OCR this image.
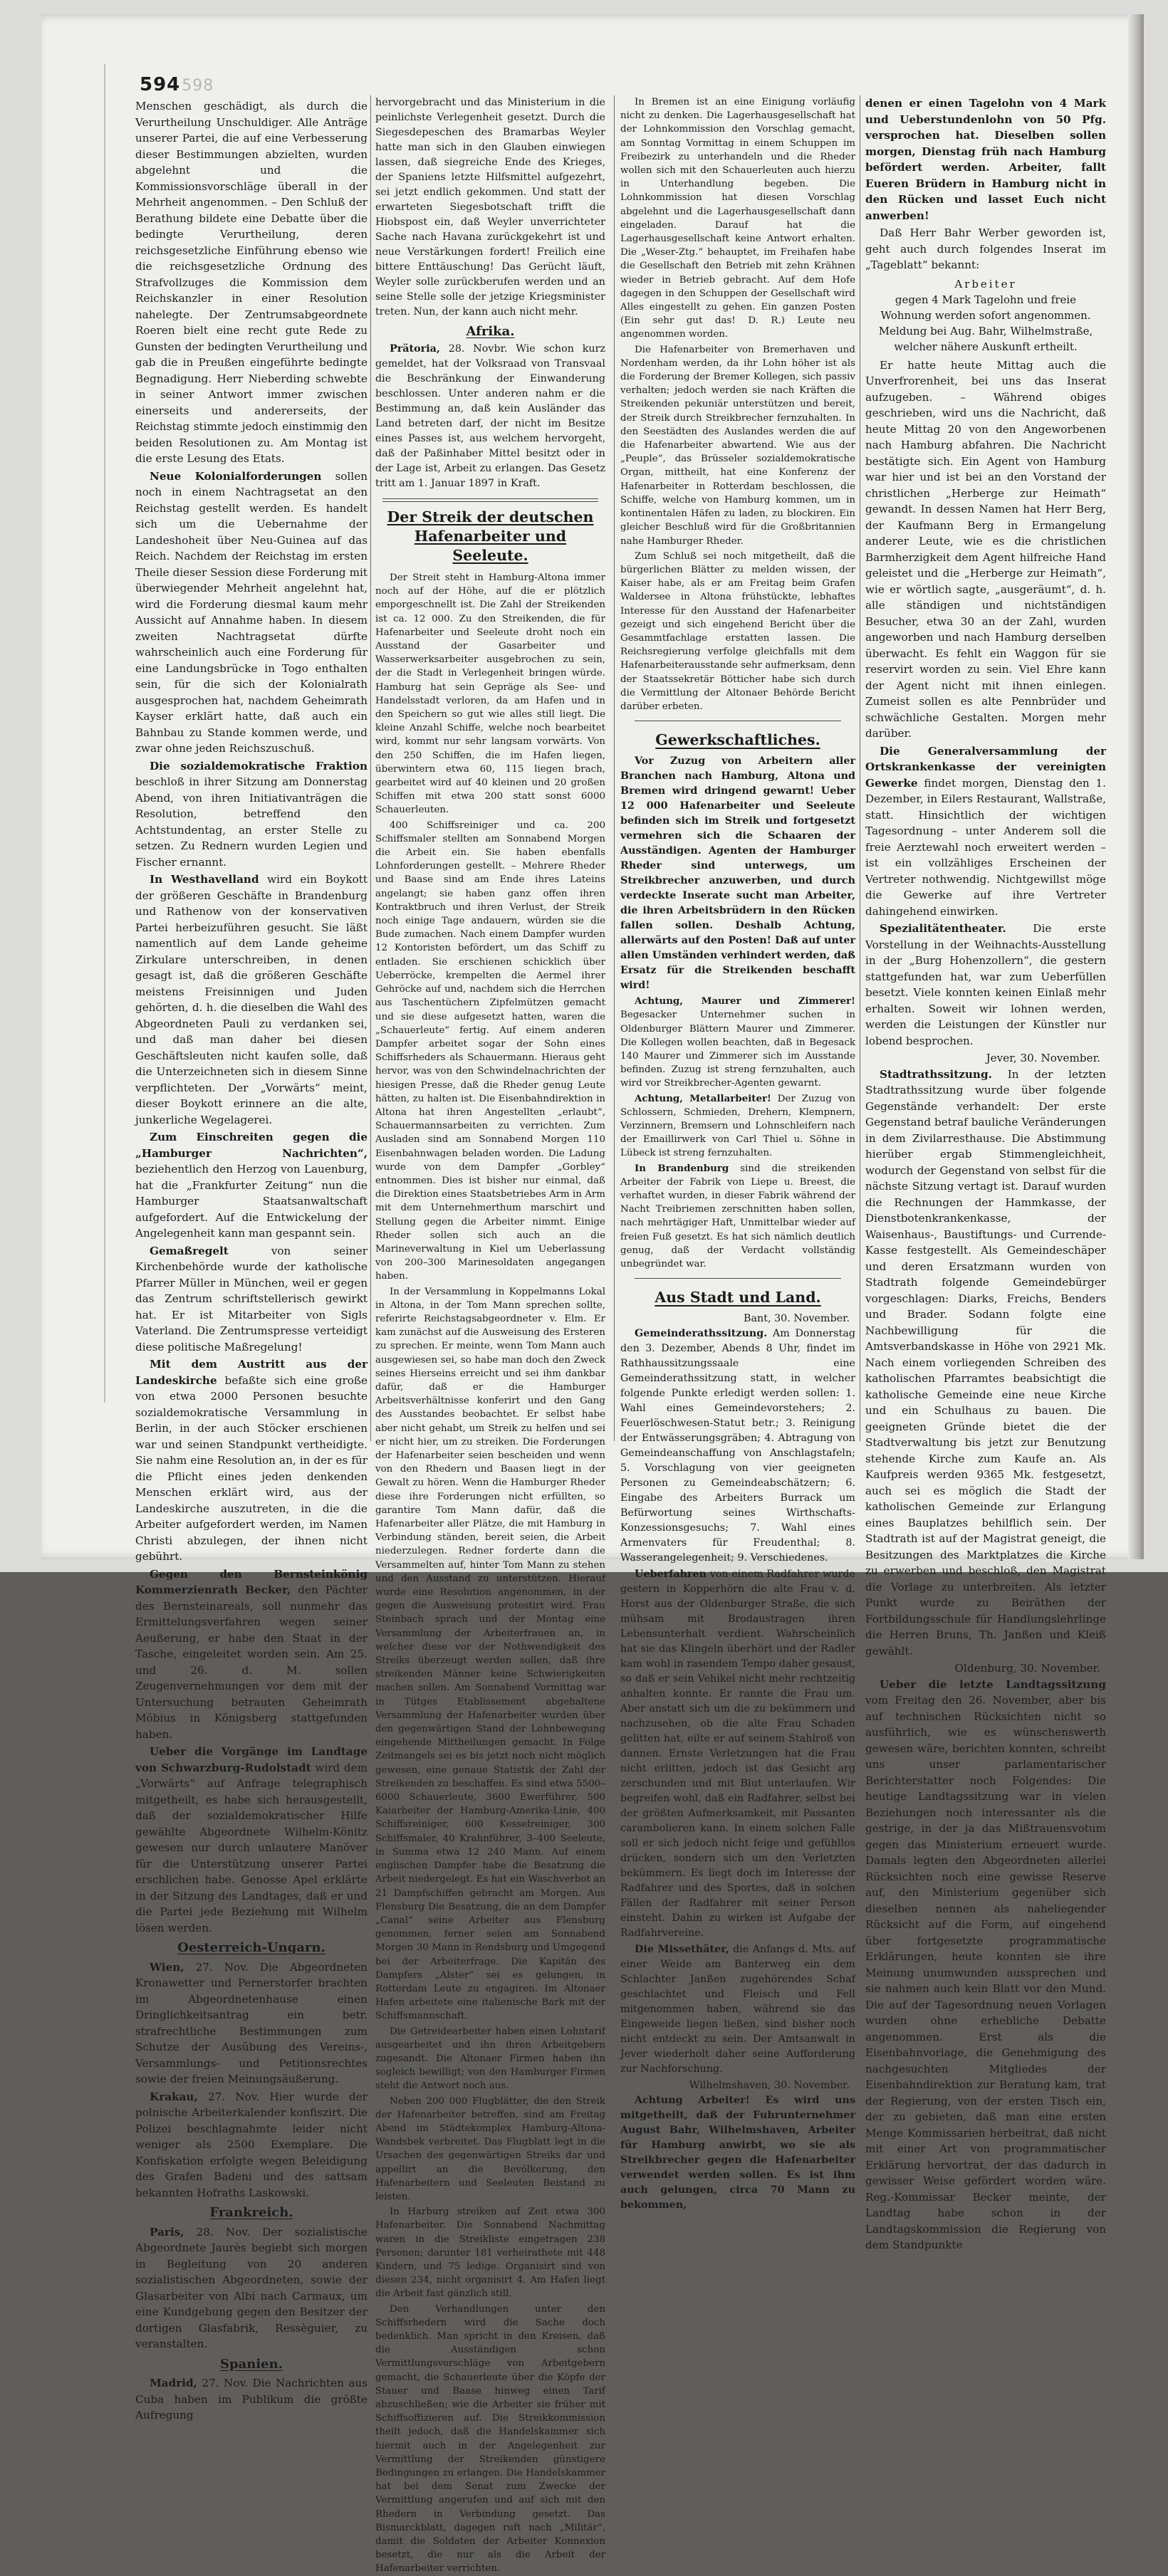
594598

Menschen geschädigt, als durch die Verurtheilung Unschuldiger. Alle Anträge unserer Partei, die auf eine Verbesserung dieser Bestimmungen abzielten, wurden abgelehnt und die Kommissionsvorschläge überall in der Mehrheit angenommen. – Den Schluß der Berathung bildete eine Debatte über die bedingte Verurtheilung, deren reichsgesetzliche Einführung ebenso wie die reichsgesetzliche Ordnung des Strafvollzuges die Kommission dem Reichskanzler in einer Resolution nahelegte. Der Zentrumsabgeordnete Roeren bielt eine recht gute Rede zu Gunsten der bedingten Verurtheilung und gab die in Preußen eingeführte bedingte Begnadigung. Herr Nieberding schwebte in seiner Antwort immer zwischen einerseits und andererseits, der Reichstag stimmte jedoch einstimmig den beiden Resolutionen zu. Am Montag ist die erste Lesung des Etats.

Neue Kolonialforderungen sollen noch in einem Nachtragsetat an den Reichstag gestellt werden. Es handelt sich um die Uebernahme der Landeshoheit über Neu-Guinea auf das Reich. Nachdem der Reichstag im ersten Theile dieser Session diese Forderung mit überwiegender Mehrheit angelehnt hat, wird die Forderung diesmal kaum mehr Aussicht auf Annahme haben. In diesem zweiten Nachtragsetat dürfte wahrscheinlich auch eine Forderung für eine Landungsbrücke in Togo enthalten sein, für die sich der Kolonialrath ausgesprochen hat, nachdem Geheimrath Kayser erklärt hatte, daß auch ein Bahnbau zu Stande kommen werde, und zwar ohne jeden Reichszuschuß.

Die sozialdemokratische Fraktion beschloß in ihrer Sitzung am Donnerstag Abend, von ihren Initiativanträgen die Resolution, betreffend den Achtstundentag, an erster Stelle zu setzen. Zu Rednern wurden Legien und Fischer ernannt.

In Westhavelland wird ein Boykott der größeren Geschäfte in Brandenburg und Rathenow von der konservativen Partei herbeizuführen gesucht. Sie läßt namentlich auf dem Lande geheime Zirkulare unterschreiben, in denen gesagt ist, daß die größeren Geschäfte meistens Freisinnigen und Juden gehörten, d. h. die dieselben die Wahl des Abgeordneten Pauli zu verdanken sei, und daß man daher bei diesen Geschäftsleuten nicht kaufen solle, daß die Unterzeichneten sich in diesem Sinne verpflichteten. Der „Vorwärts“ meint, dieser Boykott erinnere an die alte, junkerliche Wegelagerei.

Zum Einschreiten gegen die „Hamburger Nachrichten“, beziehentlich den Herzog von Lauenburg, hat die „Frankfurter Zeitung“ nun die Hamburger Staatsanwaltschaft aufgefordert. Auf die Entwickelung der Angelegenheit kann man gespannt sein.

Gemaßregelt von seiner Kirchenbehörde wurde der katholische Pfarrer Müller in München, weil er gegen das Zentrum schriftstellerisch gewirkt hat. Er ist Mitarbeiter von Sigls Vaterland. Die Zentrumspresse verteidigt diese politische Maßregelung!

Mit dem Austritt aus der Landeskirche befaßte sich eine große von etwa 2000 Personen besuchte sozialdemokratische Versammlung in Berlin, in der auch Stöcker erschienen war und seinen Standpunkt vertheidigte. Sie nahm eine Resolution an, in der es für die Pflicht eines jeden denkenden Menschen erklärt wird, aus der Landeskirche auszutreten, in die die Arbeiter aufgefordert werden, im Namen Christi abzulegen, der ihnen nicht gebührt.

Gegen den Bernsteinkönig Kommerzienrath Becker, den Pächter des Bernsteinareals, soll nunmehr das Ermittelungsverfahren wegen seiner Aeußerung, er habe den Staat in der Tasche, eingeleitet worden sein. Am 25. und 26. d. M. sollen Zeugenvernehmungen vor dem mit der Untersuchung betrauten Geheimrath Möbius in Königsberg stattgefunden haben.

Ueber die Vorgänge im Landtage von Schwarzburg-Rudolstadt wird dem „Vorwärts“ auf Anfrage telegraphisch mitgetheilt, es habe sich herausgestellt, daß der sozialdemokratischer Hilfe gewählte Abgeordnete Wilhelm-Könitz gewesen nur durch unlautere Manöver für die Unterstützung unserer Partei erschlichen habe. Genosse Apel erklärte in der Sitzung des Landtages, daß er und die Partei jede Beziehung mit Wilhelm lösen werden.

Oesterreich-Ungarn.

Wien, 27. Nov. Die Abgeordneten Kronawetter und Pernerstorfer brachten im Abgeordnetenhause einen Dringlichkeitsantrag ein betr. strafrechtliche Bestimmungen zum Schutze der Ausübung des Vereins-, Versammlungs- und Petitionsrechtes sowie der freien Meinungsäußerung.

Krakau, 27. Nov. Hier wurde der polnische Arbeiterkalender konfiszirt. Die Polizei beschlagnahmte leider nicht weniger als 2500 Exemplare. Die Konfiskation erfolgte wegen Beleidigung des Grafen Badeni und des sattsam bekannten Hofraths Laskowski.

Frankreich.

Paris, 28. Nov. Der sozialistische Abgeordnete Jaurès begiebt sich morgen in Begleitung von 20 anderen sozialistischen Abgeordneten, sowie der Glasarbeiter von Albi nach Carmaux, um eine Kundgebung gegen den Besitzer der dortigen Glasfabrik, Ressèguier, zu veranstalten.

Spanien.

Madrid, 27. Nov. Die Nachrichten aus Cuba haben im Publikum die größte Aufregung

hervorgebracht und das Ministerium in die peinlichste Verlegenheit gesetzt. Durch die Siegesdepeschen des Bramarbas Weyler hatte man sich in den Glauben einwiegen lassen, daß siegreiche Ende des Krieges, der Spaniens letzte Hilfsmittel aufgezehrt, sei jetzt endlich gekommen. Und statt der erwarteten Siegesbotschaft trifft die Hiobspost ein, daß Weyler unverrichteter Sache nach Havana zurückgekehrt ist und neue Verstärkungen fordert! Freilich eine bittere Enttäuschung! Das Gerücht läuft, Weyler solle zurückberufen werden und an seine Stelle solle der jetzige Kriegsminister treten. Nun, der kann auch nicht mehr.

Afrika.

Prätoria, 28. Novbr. Wie schon kurz gemeldet, hat der Volksraad von Transvaal die Beschränkung der Einwanderung beschlossen. Unter anderen nahm er die Bestimmung an, daß kein Ausländer das Land betreten darf, der nicht im Besitze eines Passes ist, aus welchem hervorgeht, daß der Paßinhaber Mittel besitzt oder in der Lage ist, Arbeit zu erlangen. Das Gesetz tritt am 1. Januar 1897 in Kraft.

Der Streik der deutschen Hafenarbeiter und Seeleute.

Der Streit steht in Hamburg-Altona immer noch auf der Höhe, auf die er plötzlich emporgeschnellt ist. Die Zahl der Streikenden ist ca. 12 000. Zu den Streikenden, die für Hafenarbeiter und Seeleute droht noch ein Ausstand der Gasarbeiter und Wasserwerksarbeiter ausgebrochen zu sein, der die Stadt in Verlegenheit bringen würde. Hamburg hat sein Gepräge als See- und Handelsstadt verloren, da am Hafen und in den Speichern so gut wie alles still liegt. Die kleine Anzahl Schiffe, welche noch bearbeitet wird, kommt nur sehr langsam vorwärts. Von den 250 Schiffen, die im Hafen liegen, überwintern etwa 60, 115 liegen brach, gearbeitet wird auf 40 kleinen und 20 großen Schiffen mit etwa 200 statt sonst 6000 Schauerleuten.

400 Schiffsreiniger und ca. 200 Schiffsmaler stellten am Sonnabend Morgen die Arbeit ein. Sie haben ebenfalls Lohnforderungen gestellt. – Mehrere Rheder und Baase sind am Ende ihres Lateins angelangt; sie haben ganz offen ihren Kontraktbruch und ihren Verlust, der Streik noch einige Tage andauern, würden sie die Bude zumachen. Nach einem Dampfer wurden 12 Kontoristen befördert, um das Schiff zu entladen. Sie erschienen schicklich über Ueberröcke, krempelten die Aermel ihrer Gehröcke auf und, nachdem sich die Herrchen aus Taschentüchern Zipfelmützen gemacht und sie diese aufgesetzt hatten, waren die „Schauerleute“ fertig. Auf einem anderen Dampfer arbeitet sogar der Sohn eines Schiffsrheders als Schauermann. Hieraus geht hervor, was von den Schwindelnachrichten der hiesigen Presse, daß die Rheder genug Leute hätten, zu halten ist. Die Eisenbahndirektion in Altona hat ihren Angestellten „erlaubt“, Schauermannsarbeiten zu verrichten. Zum Ausladen sind am Sonnabend Morgen 110 Eisenbahnwagen beladen worden. Die Ladung wurde von dem Dampfer „Gorbley“ entnommen. Dies ist bisher nur einmal, daß die Direktion eines Staatsbetriebes Arm in Arm mit dem Unternehmerthum marschirt und Stellung gegen die Arbeiter nimmt. Einige Rheder sollen sich auch an die Marineverwaltung in Kiel um Ueberlassung von 200–300 Marinesoldaten angegangen haben.

In der Versammlung in Koppelmanns Lokal in Altona, in der Tom Mann sprechen sollte, referirte Reichstagsabgeordneter v. Elm. Er kam zunächst auf die Ausweisung des Ersteren zu sprechen. Er meinte, wenn Tom Mann auch ausgewiesen sei, so habe man doch den Zweck seines Hierseins erreicht und sei ihm dankbar dafür, daß er die Hamburger Arbeitsverhältnisse konferirt und den Gang des Ausstandes beobachtet. Er selbst habe aber nicht gehabt, um Streik zu helfen und sei er nicht hier, um zu streiken. Die Forderungen der Hafenarbeiter seien bescheiden und wenn von den Rhedern und Baasen liegt in der Gewalt zu hören. Wenn die Hamburger Rheder diese ihre Forderungen nicht erfüllten, so garantire Tom Mann dafür, daß die Hafenarbeiter aller Plätze, die mit Hamburg in Verbindung ständen, bereit seien, die Arbeit niederzulegen. Redner forderte dann die Versammelten auf, hinter Tom Mann zu stehen und den Ausstand zu unterstützen. Hierauf wurde eine Resolution angenommen, in der gegen die Ausweisung protestirt wird. Frau Steinbach sprach und der Montag eine Versammlung der Arbeiterfrauen an, in welcher diese vor der Nothwendigkeit des Streiks überzeugt werden sollen, daß ihre streikenden Männer keine Schwierigkeiten machen sollen. Am Sonnabend Vormittag war in Tütges Etablissement abgehaltene Versammlung der Hafenarbeiter wurden über den gegenwärtigen Stand der Lohnbewegung eingehende Mittheilungen gemacht. In Folge Zeitmangels sei es bis jetzt noch nicht möglich gewesen, eine genaue Statistik der Zahl der Streikenden zu beschaffen. Es sind etwa 5500–6000 Schauerleute, 3600 Ewerführer, 500 Kaiarbeiter der Hamburg-Amerika-Linie, 400 Schiffsreiniger, 600 Kesselreiniger, 300 Schiffsmaler, 40 Krahnführer, 3–400 Seeleute, in Summa etwa 12 240 Mann. Auf einem englischen Dampfer habe die Besatzung die Arbeit niedergelegt. Es hat ein Waschverbot an 21 Dampfschiffen gebracht am Morgen. Aus Flensburg Die Besatzung, die an dem Dampfer „Canal“ seine Arbeiter aus Flensburg genommen, ferner seien am Sonnabend Morgen 30 Mann in Rendsburg und Umgegend bei der Arbeiterfrage. Die Kapitän des Dampfers „Alster“ sei es gelungen, in Rotterdam Leute zu engagiren. Im Altonaer Hafen arbeitete eine italienische Bark mit der Schiffsmannschaft.

Die Getreidearbeiter haben einen Lohntarif ausgearbeitet und ihn ihren Arbeitgebern zugesandt. Die Altonaer Firmen haben ihn sogleich bewilligt; von den Hamburger Firmen steht die Antwort noch aus.

Neben 200 000 Flugblätter, die den Streik der Hafenarbeiter betreffen, sind am Freitag Abend im Städtekomplex Hamburg-Altona-Wandsbek verbreitet. Das Flugblatt legt in die Ursachen des gegenwärtigen Streiks dar und appellirt an die Bevölkerung, den Hafenarbeitern und Seeleuten Beistand zu leisten.

In Harburg streiken auf Zeit etwa 300 Hafenarbeiter. Die Sonnabend Nachmittag waren in die Streikliste eingetragen 238 Personen; darunter 181 verheirathete mit 448 Kindern, und 75 ledige. Organisirt sind von diesen 234, nicht organisirt 4. Am Hafen liegt die Arbeit fast gänzlich still.

Den Verhandlungen unter den Schiffsrhedern wird die Sache doch bedenklich. Man spricht in den Kreisen, daß die Ausständigen schon Vermittlungsvorschläge von Arbeitgebern gemacht, die Schauerleute über die Köpfe der Stauer und Baase hinweg einen Tarif abzuschließen; wie die Arbeiter sie früher mit Schiffsoffizieren auf. Die Streikkommission theilt jedoch, daß die Handelskammer sich hiermit auch in der Angelegenheit zur Vermittlung der Streikenden günstigere Bedingungen zu erlangen. Die Handelskammer hat bei dem Senat zum Zwecke der Vermittlung angerufen und auf sich mit den Rhedern in Verbindung gesetzt. Das Bismarckblatt, dagegen ruft nach „Militär“, damit die Soldaten der Arbeiter Konnexion besetzt, die nur als die Arbeit der Hafenarbeiter verrichten.

In Bremen ist an eine Einigung vorläufig nicht zu denken. Die Lagerhausgesellschaft hat der Lohnkommission den Vorschlag gemacht, am Sonntag Vormittag in einem Schuppen im Freibezirk zu unterhandeln und die Rheder wollen sich mit den Schauerleuten auch hierzu in Unterhandlung begeben. Die Lohnkommission hat diesen Vorschlag abgelehnt und die Lagerhausgesellschaft dann eingeladen. Darauf hat die Lagerhausgesellschaft keine Antwort erhalten. Die „Weser-Ztg.“ behauptet, im Freihafen habe die Gesellschaft den Betrieb mit zehn Krähnen wieder in Betrieb gebracht. Auf dem Hofe dagegen in den Schuppen der Gesellschaft wird Alles eingestellt zu gehen. Ein ganzen Posten (Ein sehr gut das! D. R.) Leute neu angenommen worden.

Die Hafenarbeiter von Bremerhaven und Nordenham werden, da ihr Lohn höher ist als die Forderung der Bremer Kollegen, sich passiv verhalten; jedoch werden sie nach Kräften die Streikenden pekuniär unterstützen und bereit, der Streik durch Streikbrecher fernzuhalten. In den Seestädten des Auslandes werden die auf die Hafenarbeiter abwartend. Wie aus der „Peuple“, das Brüsseler sozialdemokratische Organ, mittheilt, hat eine Konferenz der Hafenarbeiter in Rotterdam beschlossen, die Schiffe, welche von Hamburg kommen, um in kontinentalen Häfen zu laden, zu blockiren. Ein gleicher Beschluß wird für die Großbritannien nahe Hamburger Rheder.

Zum Schluß sei noch mitgetheilt, daß die bürgerlichen Blätter zu melden wissen, der Kaiser habe, als er am Freitag beim Grafen Waldersee in Altona frühstückte, lebhaftes Interesse für den Ausstand der Hafenarbeiter gezeigt und sich eingehend Bericht über die Gesammtfachlage erstatten lassen. Die Reichsregierung verfolge gleichfalls mit dem Hafenarbeiterausstande sehr aufmerksam, denn der Staatssekretär Bötticher habe sich durch die Vermittlung der Altonaer Behörde Bericht darüber erbeten.

Gewerkschaftliches.

Vor Zuzug von Arbeitern aller Branchen nach Hamburg, Altona und Bremen wird dringend gewarnt! Ueber 12 000 Hafenarbeiter und Seeleute befinden sich im Streik und fortgesetzt vermehren sich die Schaaren der Ausständigen. Agenten der Hamburger Rheder sind unterwegs, um Streikbrecher anzuwerben, und durch verdeckte Inserate sucht man Arbeiter, die ihren Arbeitsbrüdern in den Rücken fallen sollen. Deshalb Achtung, allerwärts auf den Posten! Daß auf unter allen Umständen verhindert werden, daß Ersatz für die Streikenden beschafft wird!

Achtung, Maurer und Zimmerer! Begesacker Unternehmer suchen in Oldenburger Blättern Maurer und Zimmerer. Die Kollegen wollen beachten, daß in Begesack 140 Maurer und Zimmerer sich im Ausstande befinden. Zuzug ist streng fernzuhalten, auch wird vor Streikbrecher-Agenten gewarnt.

Achtung, Metallarbeiter! Der Zuzug von Schlossern, Schmieden, Drehern, Klempnern, Verzinnern, Bremsern und Lohnschleifern nach der Emaillirwerk von Carl Thiel u. Söhne in Lübeck ist streng fernzuhalten.

In Brandenburg sind die streikenden Arbeiter der Fabrik von Liepe u. Breest, die verhaftet wurden, in dieser Fabrik während der Nacht Treibriemen zerschnitten haben sollen, nach mehrtägiger Haft, Unmittelbar wieder auf freien Fuß gesetzt. Es hat sich nämlich deutlich genug, daß der Verdacht vollständig unbegründet war.

Aus Stadt und Land.
Bant, 30. November.

Gemeinderathssitzung. Am Donnerstag den 3. Dezember, Abends 8 Uhr, findet im Rathhaussitzungssaale eine Gemeinderathssitzung statt, in welcher folgende Punkte erledigt werden sollen: 1. Wahl eines Gemeindevorstehers; 2. Feuerlöschwesen-Statut betr.; 3. Reinigung der Entwässerungsgräben; 4. Abtragung von Gemeindeanschaffung von Anschlagstafeln; 5. Vorschlagung von vier geeigneten Personen zu Gemeindeabschätzern; 6. Eingabe des Arbeiters Burrack um Befürwortung seines Wirthschafts-Konzessionsgesuchs; 7. Wahl eines Armenvaters für Freudenthal; 8. Wasserangelegenheit; 9. Verschiedenes.

Ueberfahren von einem Radfahrer wurde gestern in Kopperhörn die alte Frau v. d. Horst aus der Oldenburger Straße, die sich mühsam mit Brodaustragen ihren Lebensunterhalt verdient. Wahrscheinlich hat sie das Klingeln überhört und der Radler kam wohl in rasendem Tempo daher gesaust, so daß er sein Vehikel nicht mehr rechtzeitig anhalten konnte. Er rannte die Frau um. Aber anstatt sich um die zu bekümmern und nachzusehen, ob die alte Frau Schaden gelitten hat, eilte er auf seinem Stahlroß von dannen. Ernste Verletzungen hat die Frau nicht erlitten, jedoch ist das Gesicht arg zerschunden und mit Blut unterlaufen. Wir begreifen wohl, daß ein Radfahrer, selbst bei der größten Aufmerksamkeit, mit Passanten carambolieren kann. In einem solchen Falle soll er sich jedoch nicht feige und gefühllos drücken, sondern sich um den Verletzten bekümmern. Es liegt doch im Interesse der Radfahrer und des Sportes, daß in solchen Fällen der Radfahrer mit seiner Person einsteht. Dahin zu wirken ist Aufgabe der Radfahrvereine.

Die Missethäter, die Anfangs d. Mts. auf einer Weide am Banterweg ein dem Schlachter Janßen zugehörendes Schaf geschlachtet und Fleisch und Fell mitgenommen haben, während sie das Eingeweide liegen ließen, sind bisher noch nicht entdeckt zu sein. Der Amtsanwalt in Jever wiederholt daher seine Aufforderung zur Nachforschung.

Wilhelmshaven, 30. November.

Achtung Arbeiter! Es wird uns mitgetheilt, daß der Fuhrunternehmer August Bahr, Wilhelmshaven, Arbeiter für Hamburg anwirbt, wo sie als Streikbrecher gegen die Hafenarbeiter verwendet werden sollen. Es ist ihm auch gelungen, circa 70 Mann zu bekommen,

denen er einen Tagelohn von 4 Mark und Ueberstundenlohn von 50 Pfg. versprochen hat. Dieselben sollen morgen, Dienstag früh nach Hamburg befördert werden. Arbeiter, fallt Eueren Brüdern in Hamburg nicht in den Rücken und lasset Euch nicht anwerben!

Daß Herr Bahr Werber geworden ist, geht auch durch folgendes Inserat im „Tageblatt“ bekannt:

Arbeiter
gegen 4 Mark Tagelohn und freie Wohnung werden sofort angenommen. Meldung bei Aug. Bahr, Wilhelmstraße, welcher nähere Auskunft ertheilt.

Er hatte heute Mittag auch die Unverfrorenheit, bei uns das Inserat aufzugeben. – Während obiges geschrieben, wird uns die Nachricht, daß heute Mittag 20 von den Angeworbenen nach Hamburg abfahren. Die Nachricht bestätigte sich. Ein Agent von Hamburg war hier und ist bei an den Vorstand der christlichen „Herberge zur Heimath“ gewandt. In dessen Namen hat Herr Berg, der Kaufmann Berg in Ermangelung anderer Leute, wie es die christlichen Barmherzigkeit dem Agent hilfreiche Hand geleistet und die „Herberge zur Heimath“, wie er wörtlich sagte, „ausgeräumt“, d. h. alle ständigen und nichtständigen Besucher, etwa 30 an der Zahl, wurden angeworben und nach Hamburg derselben überwacht. Es fehlt ein Waggon für sie reservirt worden zu sein. Viel Ehre kann der Agent nicht mit ihnen einlegen. Zumeist sollen es alte Pennbrüder und schwächliche Gestalten. Morgen mehr darüber.

Die Generalversammlung der Ortskrankenkasse der vereinigten Gewerke findet morgen, Dienstag den 1. Dezember, in Eilers Restaurant, Wallstraße, statt. Hinsichtlich der wichtigen Tagesordnung – unter Anderem soll die freie Aerztewahl noch erweitert werden – ist ein vollzähliges Erscheinen der Vertreter nothwendig. Nichtgewillst möge die Gewerke auf ihre Vertreter dahingehend einwirken.

Spezialitätentheater. Die erste Vorstellung in der Weihnachts-Ausstellung in der „Burg Hohenzollern“, die gestern stattgefunden hat, war zum Ueberfüllen besetzt. Viele konnten keinen Einlaß mehr erhalten. Soweit wir lohnen werden, werden die Leistungen der Künstler nur lobend besprochen.

Jever, 30. November.

Stadtrathssitzung. In der letzten Stadtrathssitzung wurde über folgende Gegenstände verhandelt: Der erste Gegenstand betraf bauliche Veränderungen in dem Zivilarresthause. Die Abstimmung hierüber ergab Stimmengleichheit, wodurch der Gegenstand von selbst für die nächste Sitzung vertagt ist. Darauf wurden die Rechnungen der Hammkasse, der Dienstbotenkrankenkasse, der Waisenhaus-, Baustiftungs- und Currende-Kasse festgestellt. Als Gemeindeschäper und deren Ersatzmann wurden von Stadtrath folgende Gemeindebürger vorgeschlagen: Diarks, Freichs, Benders und Brader. Sodann folgte eine Nachbewilligung für die Amtsverbandskasse in Höhe von 2921 Mk. Nach einem vorliegenden Schreiben des katholischen Pfarramtes beabsichtigt die katholische Gemeinde eine neue Kirche und ein Schulhaus zu bauen. Die geeigneten Gründe bietet die der Stadtverwaltung bis jetzt zur Benutzung stehende Kirche zum Kaufe an. Als Kaufpreis werden 9365 Mk. festgesetzt, auch sei es möglich die Stadt der katholischen Gemeinde zur Erlangung eines Bauplatzes behilflich sein. Der Stadtrath ist auf der Magistrat geneigt, die Besitzungen des Marktplatzes die Kirche zu erwerben und beschloß, den Magistrat die Vorlage zu unterbreiten. Als letzter Punkt wurde zu Beiräthen der Fortbildungsschule für Handlungslehrlinge die Herren Bruns, Th. Janßen und Kleiß gewählt.

Oldenburg, 30. November.

Ueber die letzte Landtagssitzung vom Freitag den 26. November, aber bis auf technischen Rücksichten nicht so ausführlich, wie es wünschenswerth gewesen wäre, berichten konnten, schreibt uns unser parlamentarischer Berichterstatter noch Folgendes: Die heutige Landtagssitzung war in vielen Beziehungen noch interessanter als die gestrige, in der ja das Mißtrauensvotum gegen das Ministerium erneuert wurde. Damals legten den Abgeordneten allerlei Rücksichten noch eine gewisse Reserve auf, den Ministerium gegenüber sich dieselben nennen als naheliegender Rücksicht auf die Form, auf eingehend über fortgesetzte programmatische Erklärungen, heute konnten sie ihre Meinung unumwunden aussprechen und sie nahmen auch kein Blatt vor den Mund. Die auf der Tagesordnung neuen Vorlagen wurden ohne erhebliche Debatte angenommen. Erst als die Eisenbahnvorlage, die Genehmigung des nachgesuchten Mitgliedes der Eisenbahndirektion zur Beratung kam, trat der Regierung, von der ersten Tisch ein, der zu gebieten, daß man eine ersten Menge Kommissarien herbeitrat, daß nicht mit einer Art von programmatischer Erklärung hervortrat, der das dadurch in gewisser Weise gefördert worden wäre. Reg.-Kommissar Becker meinte, der Landtag habe schon in der Landtagskommission die Regierung von dem Standpunkte
